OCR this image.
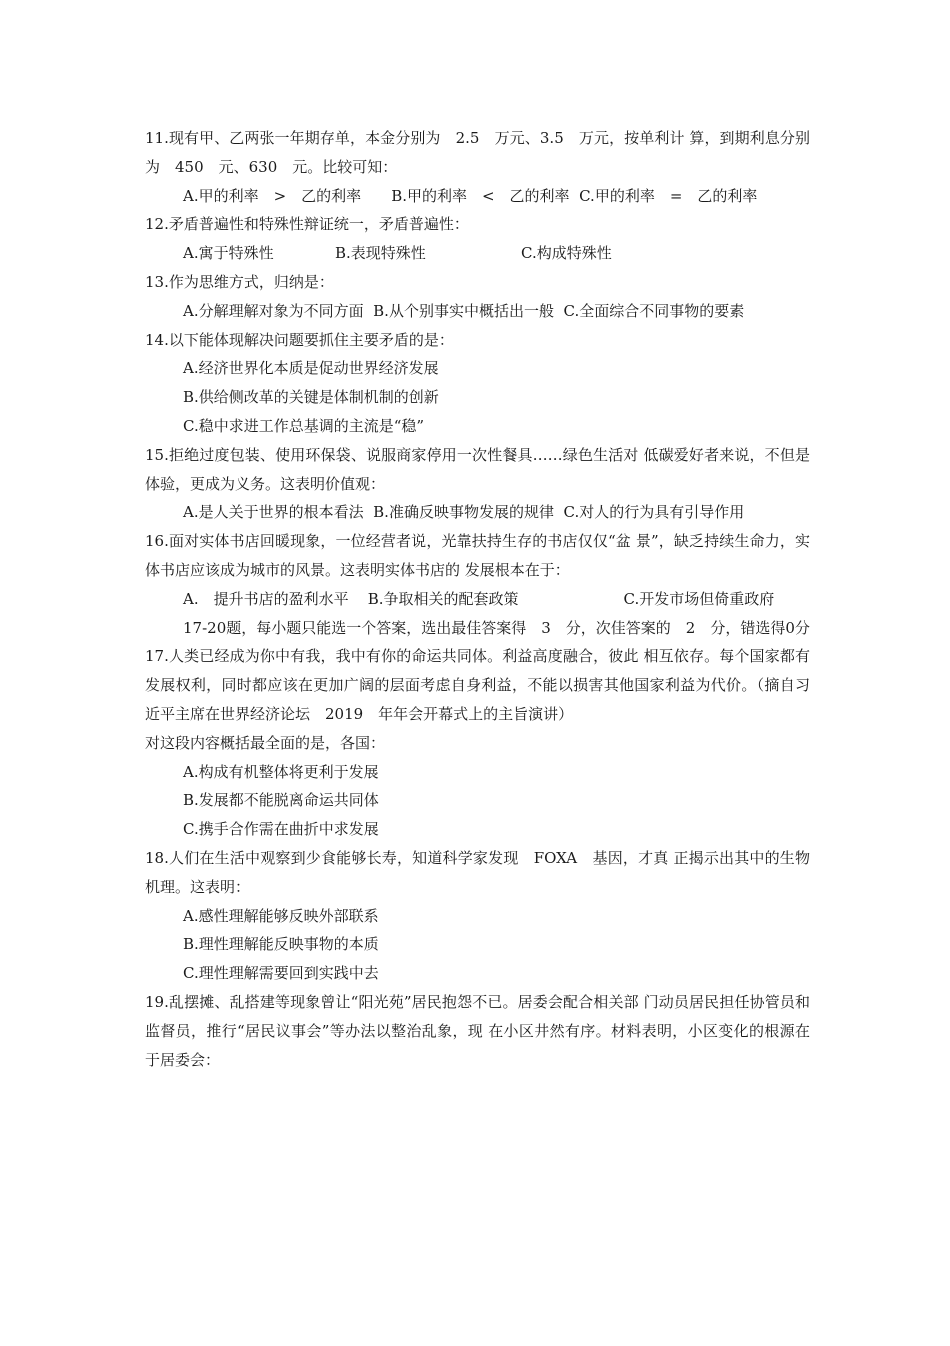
11.现有甲、乙两张一年期存单，本金分别为　2.5　万元、3.5　万元，按单利计 算，到期利息分别为　450　元、630　元。比较可知：

A.甲的利率　>　乙的利率　　 B.甲的利率　<　乙的利率 C.甲的利率　=　乙的利率

12.矛盾普遍性和特殊性辩证统一，矛盾普遍性：

A.寓于特殊性	B.表现特殊性	C.构成特殊性

13.作为思维方式，归纳是：

A.分解理解对象为不同方面 B.从个别事实中概括出一般 C.全面综合不同事物的要素

14.以下能体现解决问题要抓住主要矛盾的是：

A.经济世界化本质是促动世界经济发展

B.供给侧改革的关键是体制机制的创新

C.稳中求进工作总基调的主流是“稳”

15.拒绝过度包装、使用环保袋、说服商家停用一次性餐具……绿色生活对 低碳爱好者来说，不但是体验，更成为义务。这表明价值观：

A.是人关于世界的根本看法 B.准确反映事物发展的规律 C.对人的行为具有引导作用

16.面对实体书店回暖现象，一位经营者说，光靠扶持生存的书店仅仅“盆 景”，缺乏持续生命力，实体书店应该成为城市的风景。这表明实体书店的 发展根本在于：

A.　提升书店的盈利水平 B.争取相关的配套政策　　　　　　　	C.开发市场但倚重政府

17-20题，每小题只能选一个答案，选出最佳答案得　3　分，次佳答案的　2　分，错选得0分

17.人类已经成为你中有我，我中有你的命运共同体。利益高度融合，彼此 相互依存。每个国家都有发展权利，同时都应该在更加广阔的层面考虑自身利益，不能以损害其他国家利益为代价。（摘自习近平主席在世界经济论坛　2019　年年会开幕式上的主旨演讲）

对这段内容概括最全面的是，各国：

A.构成有机整体将更利于发展

B.发展都不能脱离命运共同体

C.携手合作需在曲折中求发展

18.人们在生活中观察到少食能够长寿，知道科学家发现　FOXA　基因，才真 正揭示出其中的生物机理。这表明：

A.感性理解能够反映外部联系

B.理性理解能反映事物的本质

C.理性理解需要回到实践中去

19.乱摆摊、乱搭建等现象曾让“阳光苑”居民抱怨不已。居委会配合相关部 门动员居民担任协管员和监督员，推行“居民议事会”等办法以整治乱象，现 在小区井然有序。材料表明，小区变化的根源在于居委会：
